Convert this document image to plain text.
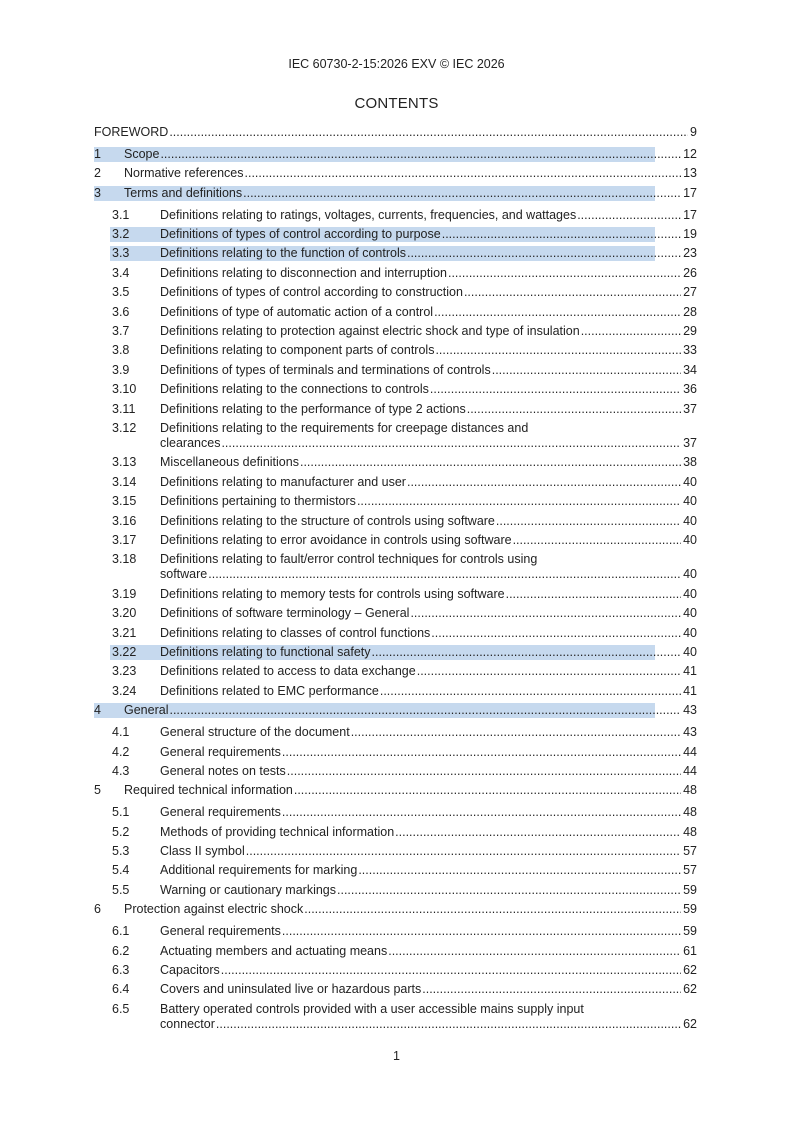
IEC 60730-2-15:2026 EXV © IEC 2026
CONTENTS
FOREWORD .....	9
1 Scope .....	12
2 Normative references .....	13
3 Terms and definitions .....	17
3.1 Definitions relating to ratings, voltages, currents, frequencies, and wattages .....	17
3.2 Definitions of types of control according to purpose .....	19
3.3 Definitions relating to the function of controls .....	23
3.4 Definitions relating to disconnection and interruption .....	26
3.5 Definitions of types of control according to construction .....	27
3.6 Definitions of type of automatic action of a control .....	28
3.7 Definitions relating to protection against electric shock and type of insulation .....	29
3.8 Definitions relating to component parts of controls .....	33
3.9 Definitions of types of terminals and terminations of controls .....	34
3.10 Definitions relating to the connections to controls .....	36
3.11 Definitions relating to the performance of type 2 actions .....	37
3.12 Definitions relating to the requirements for creepage distances and
clearances .....	37
3.13 Miscellaneous definitions .....	38
3.14 Definitions relating to manufacturer and user .....	40
3.15 Definitions pertaining to thermistors .....	40
3.16 Definitions relating to the structure of controls using software .....	40
3.17 Definitions relating to error avoidance in controls using software .....	40
3.18 Definitions relating to fault/error control techniques for controls using
software .....	40
3.19 Definitions relating to memory tests for controls using software .....	40
3.20 Definitions of software terminology – General .....	40
3.21 Definitions relating to classes of control functions .....	40
3.22 Definitions relating to functional safety .....	40
3.23 Definitions related to access to data exchange .....	41
3.24 Definitions related to EMC performance .....	41
4 General .....	43
4.1 General structure of the document .....	43
4.2 General requirements .....	44
4.3 General notes on tests .....	44
5 Required technical information .....	48
5.1 General requirements .....	48
5.2 Methods of providing technical information .....	48
5.3 Class II symbol .....	57
5.4 Additional requirements for marking .....	57
5.5 Warning or cautionary markings .....	59
6 Protection against electric shock .....	59
6.1 General requirements .....	59
6.2 Actuating members and actuating means .....	61
6.3 Capacitors .....	62
6.4 Covers and uninsulated live or hazardous parts .....	62
6.5 Battery operated controls provided with a user accessible mains supply input
connector .....	62
1
